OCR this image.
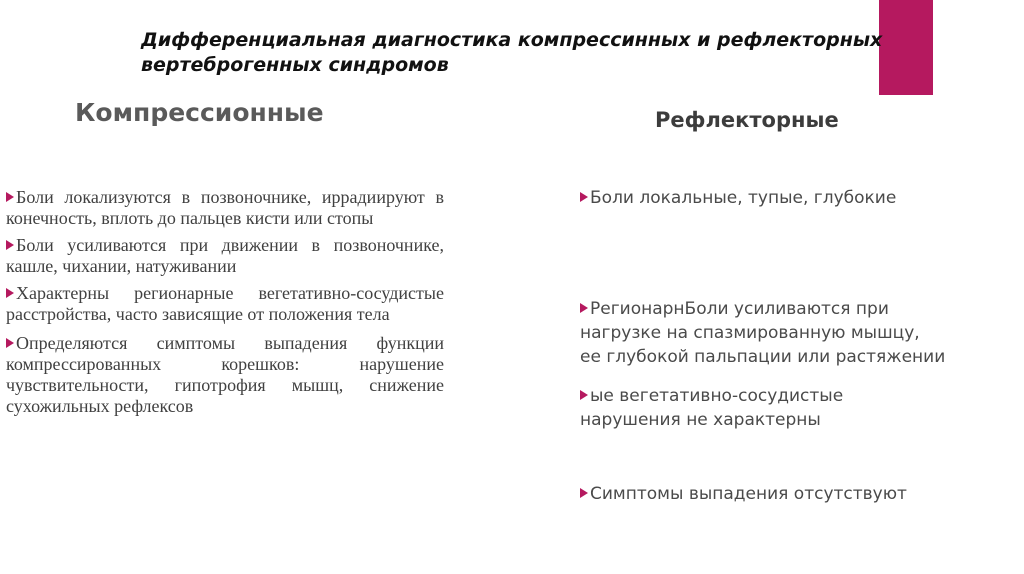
Дифференциальная диагностика компрессинных и рефлекторных
вертеброгенных синдромов
Компрессионные	Рефлекторные
Боли локализуются в позвоночнике, иррадиируют в конечность, вплоть до пальцев кисти или стопы
Боли усиливаются при движении в позвоночнике, кашле, чихании, натуживании
Характерны регионарные вегетативно-сосудистые расстройства, часто зависящие от положения тела
Определяются симптомы выпадения функции компрессированных корешков: нарушение чувствительности, гипотрофия мышц, снижение сухожильных рефлексов
Боли локальные, тупые, глубокие
РегионарнБоли усиливаются при
нагрузке на спазмированную мышцу,
ее глубокой пальпации или растяжении
ые вегетативно-сосудистые
нарушения не характерны
Симптомы выпадения отсутствуют
